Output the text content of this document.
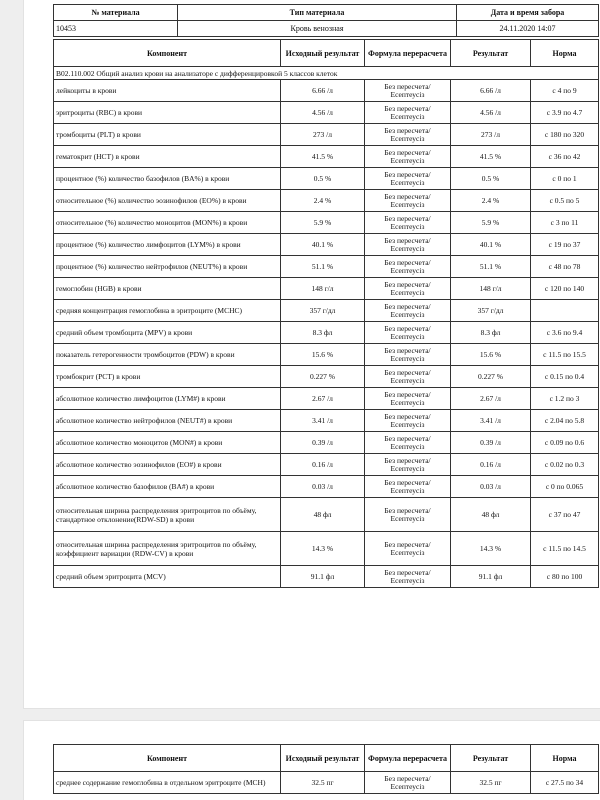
№ материала	Тип материала	Дата и время забора
10453	Кровь венозная	24.11.2020 14:07
Компонент	Исходный результат	Формула перерасчета	Результат	Норма
B02.110.002 Общий анализ крови на анализаторе с дифференцировкой 5 классов клеток				
лейкоциты в крови	6.66 /л	Без пересчета/ Есептеусіз	6.66 /л	с 4 по 9
эритроциты (RBC) в крови	4.56 /л	Без пересчета/ Есептеусіз	4.56 /л	с 3.9 по 4.7
тромбоциты (PLT) в крови	273 /л	Без пересчета/ Есептеусіз	273 /л	с 180 по 320
гематокрит (HCT) в крови	41.5 %	Без пересчета/ Есептеусіз	41.5 %	с 36 по 42
процентное (%) количество базофилов (BA%) в крови	0.5 %	Без пересчета/ Есептеусіз	0.5 %	с 0 по 1
относительное (%) количество эозинофилов (EO%) в крови	2.4 %	Без пересчета/ Есептеусіз	2.4 %	с 0.5 по 5
относительное (%) количество моноцитов (MON%) в крови	5.9 %	Без пересчета/ Есептеусіз	5.9 %	с 3 по 11
процентное (%) количество лимфоцитов (LYM%) в крови	40.1 %	Без пересчета/ Есептеусіз	40.1 %	с 19 по 37
процентное (%) количество нейтрофилов (NEUT%) в крови	51.1 %	Без пересчета/ Есептеусіз	51.1 %	с 48 по 78
гемоглобин (HGB) в крови	148 г/л	Без пересчета/ Есептеусіз	148 г/л	с 120 по 140
средняя концентрация гемоглобина в эритроците (MCHC)	357 г/дл	Без пересчета/ Есептеусіз	357 г/дл	
средний объем тромбоцита (MPV) в крови	8.3 фл	Без пересчета/ Есептеусіз	8.3 фл	с 3.6 по 9.4
показатель гетерогенности тромбоцитов (PDW) в крови	15.6 %	Без пересчета/ Есептеусіз	15.6 %	с 11.5 по 15.5
тромбокрит (PCT) в крови	0.227 %	Без пересчета/ Есептеусіз	0.227 %	с 0.15 по 0.4
абсолютное количество лимфоцитов (LYM#) в крови	2.67 /л	Без пересчета/ Есептеусіз	2.67 /л	с 1.2 по 3
абсолютное количество нейтрофилов (NEUT#) в крови	3.41 /л	Без пересчета/ Есептеусіз	3.41 /л	с 2.04 по 5.8
абсолютное количество моноцитов (MON#) в крови	0.39 /л	Без пересчета/ Есептеусіз	0.39 /л	с 0.09 по 0.6
абсолютное количество эозинофилов (EO#) в крови	0.16 /л	Без пересчета/ Есептеусіз	0.16 /л	с 0.02 по 0.3
абсолютное количество базофилов (BA#) в крови	0.03 /л	Без пересчета/ Есептеусіз	0.03 /л	с 0 по 0.065
относительная ширина распределения эритроцитов по объёму, стандартное отклонение(RDW-SD) в крови	48 фл	Без пересчета/ Есептеусіз	48 фл	с 37 по 47
относительная ширина распределения эритроцитов по объёму, коэффициент вариации (RDW-CV) в крови	14.3 %	Без пересчета/ Есептеусіз	14.3 %	с 11.5 по 14.5
средний объем эритроцита (MCV)	91.1 фл	Без пересчета/ Есептеусіз	91.1 фл	с 80 по 100
Компонент	Исходный результат	Формула перерасчета	Результат	Норма
среднее содержание гемоглобина в отдельном эритроците (MCH)	32.5 пг	Без пересчета/ Есептеусіз	32.5 пг	с 27.5 по 34
